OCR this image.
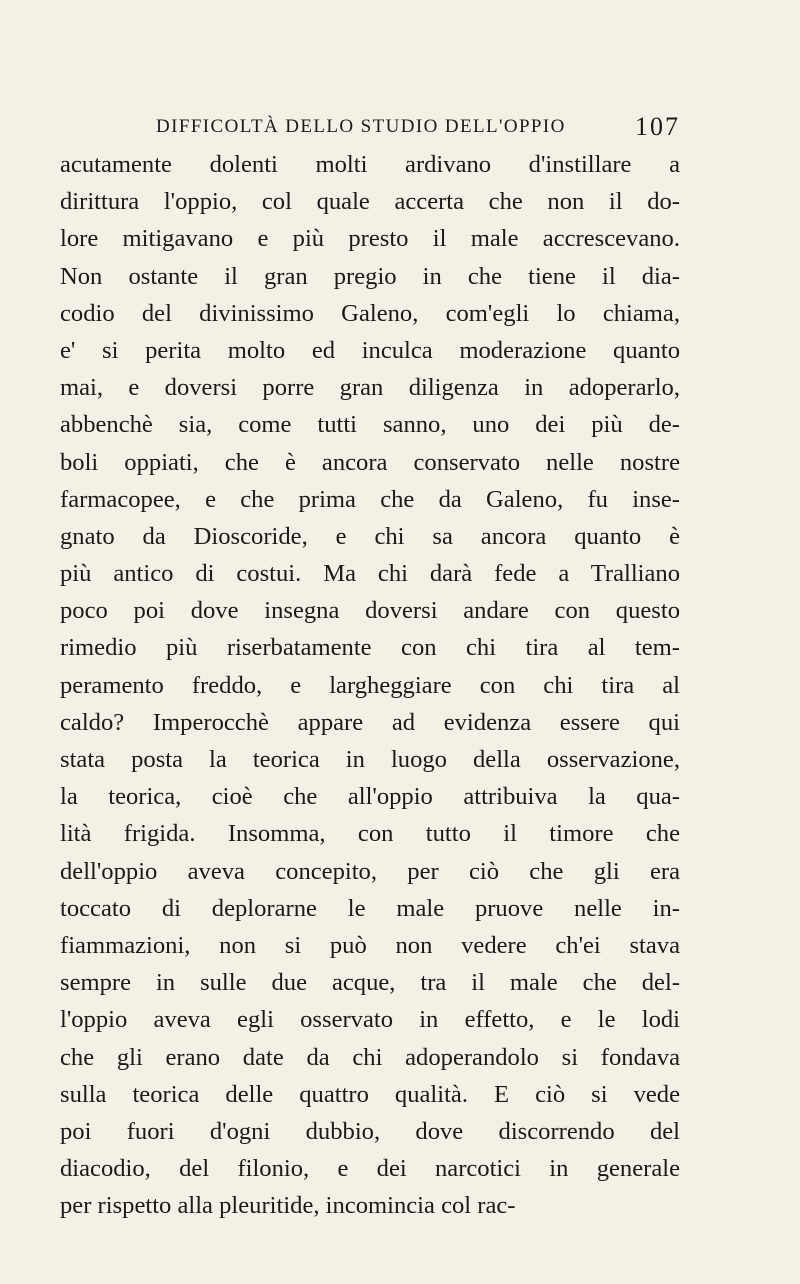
DIFFICOLTÀ DELLO STUDIO DELL'OPPIO	107
acutamente dolenti molti ardivano d'instillare a
dirittura l'oppio, col quale accerta che non il do-
lore mitigavano e più presto il male accrescevano.
Non ostante il gran pregio in che tiene il dia-
codio del divinissimo Galeno, com'egli lo chiama,
e' si perita molto ed inculca moderazione quanto
mai, e doversi porre gran diligenza in adoperarlo,
abbenchè sia, come tutti sanno, uno dei più de-
boli oppiati, che è ancora conservato nelle nostre
farmacopee, e che prima che da Galeno, fu inse-
gnato da Dioscoride, e chi sa ancora quanto è
più antico di costui. Ma chi darà fede a Tralliano
poco poi dove insegna doversi andare con questo
rimedio più riserbatamente con chi tira al tem-
peramento freddo, e largheggiare con chi tira al
caldo? Imperocchè appare ad evidenza essere qui
stata posta la teorica in luogo della osservazione,
la teorica, cioè che all'oppio attribuiva la qua-
lità frigida. Insomma, con tutto il timore che
dell'oppio aveva concepito, per ciò che gli era
toccato di deplorarne le male pruove nelle in-
fiammazioni, non si può non vedere ch'ei stava
sempre in sulle due acque, tra il male che del-
l'oppio aveva egli osservato in effetto, e le lodi
che gli erano date da chi adoperandolo si fondava
sulla teorica delle quattro qualità. E ciò si vede
poi fuori d'ogni dubbio, dove discorrendo del
diacodio, del filonio, e dei narcotici in generale
per rispetto alla pleuritide, incomincia col rac-
